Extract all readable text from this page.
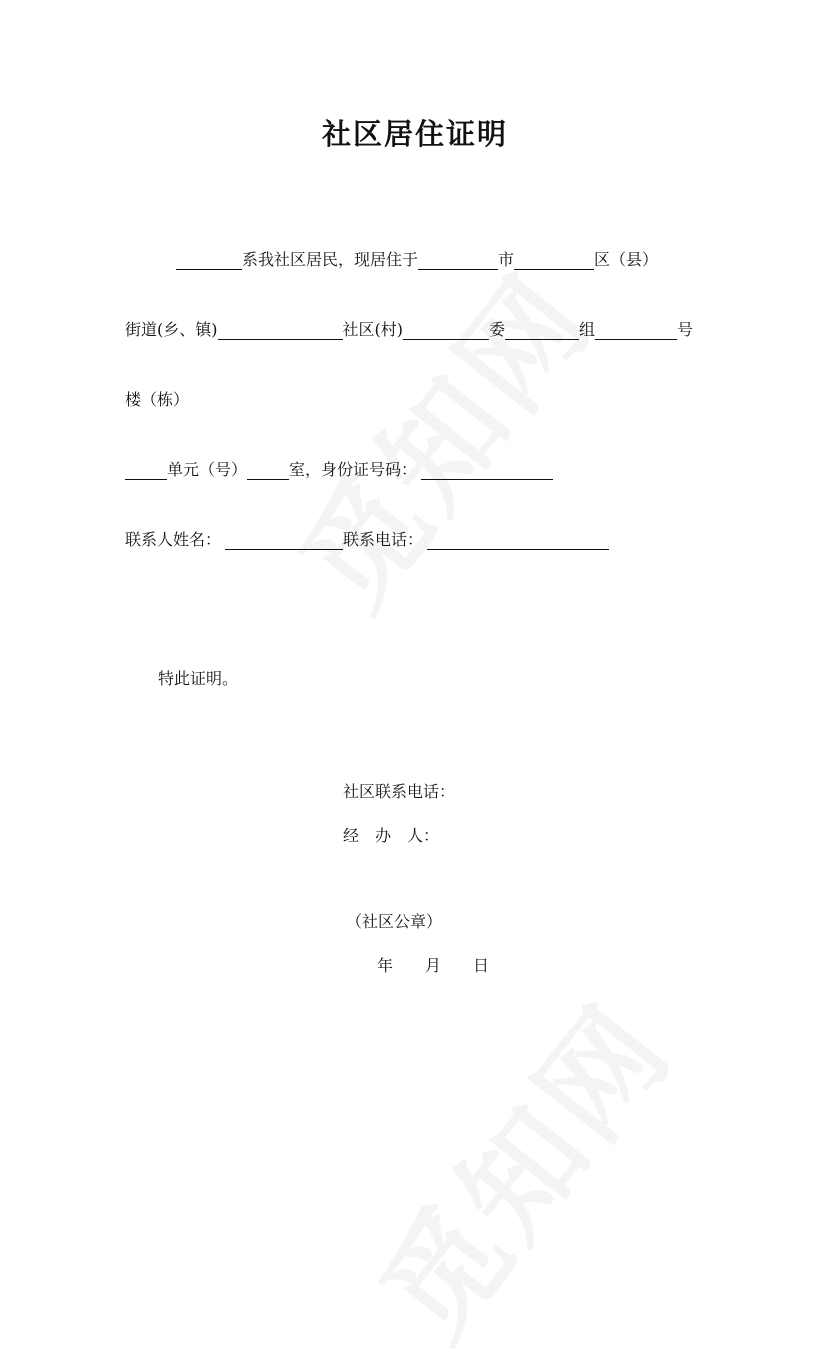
社区居住证明
系我社区居民，现居住于	市	区（县）
街道(乡、镇)	社区(村)	委	组	号
楼（栋）
单元（号）	室，身份证号码：
联系人姓名：	联系电话：
特此证明。
社区联系电话：
经　办　人：
（社区公章）
年　　月　　日
